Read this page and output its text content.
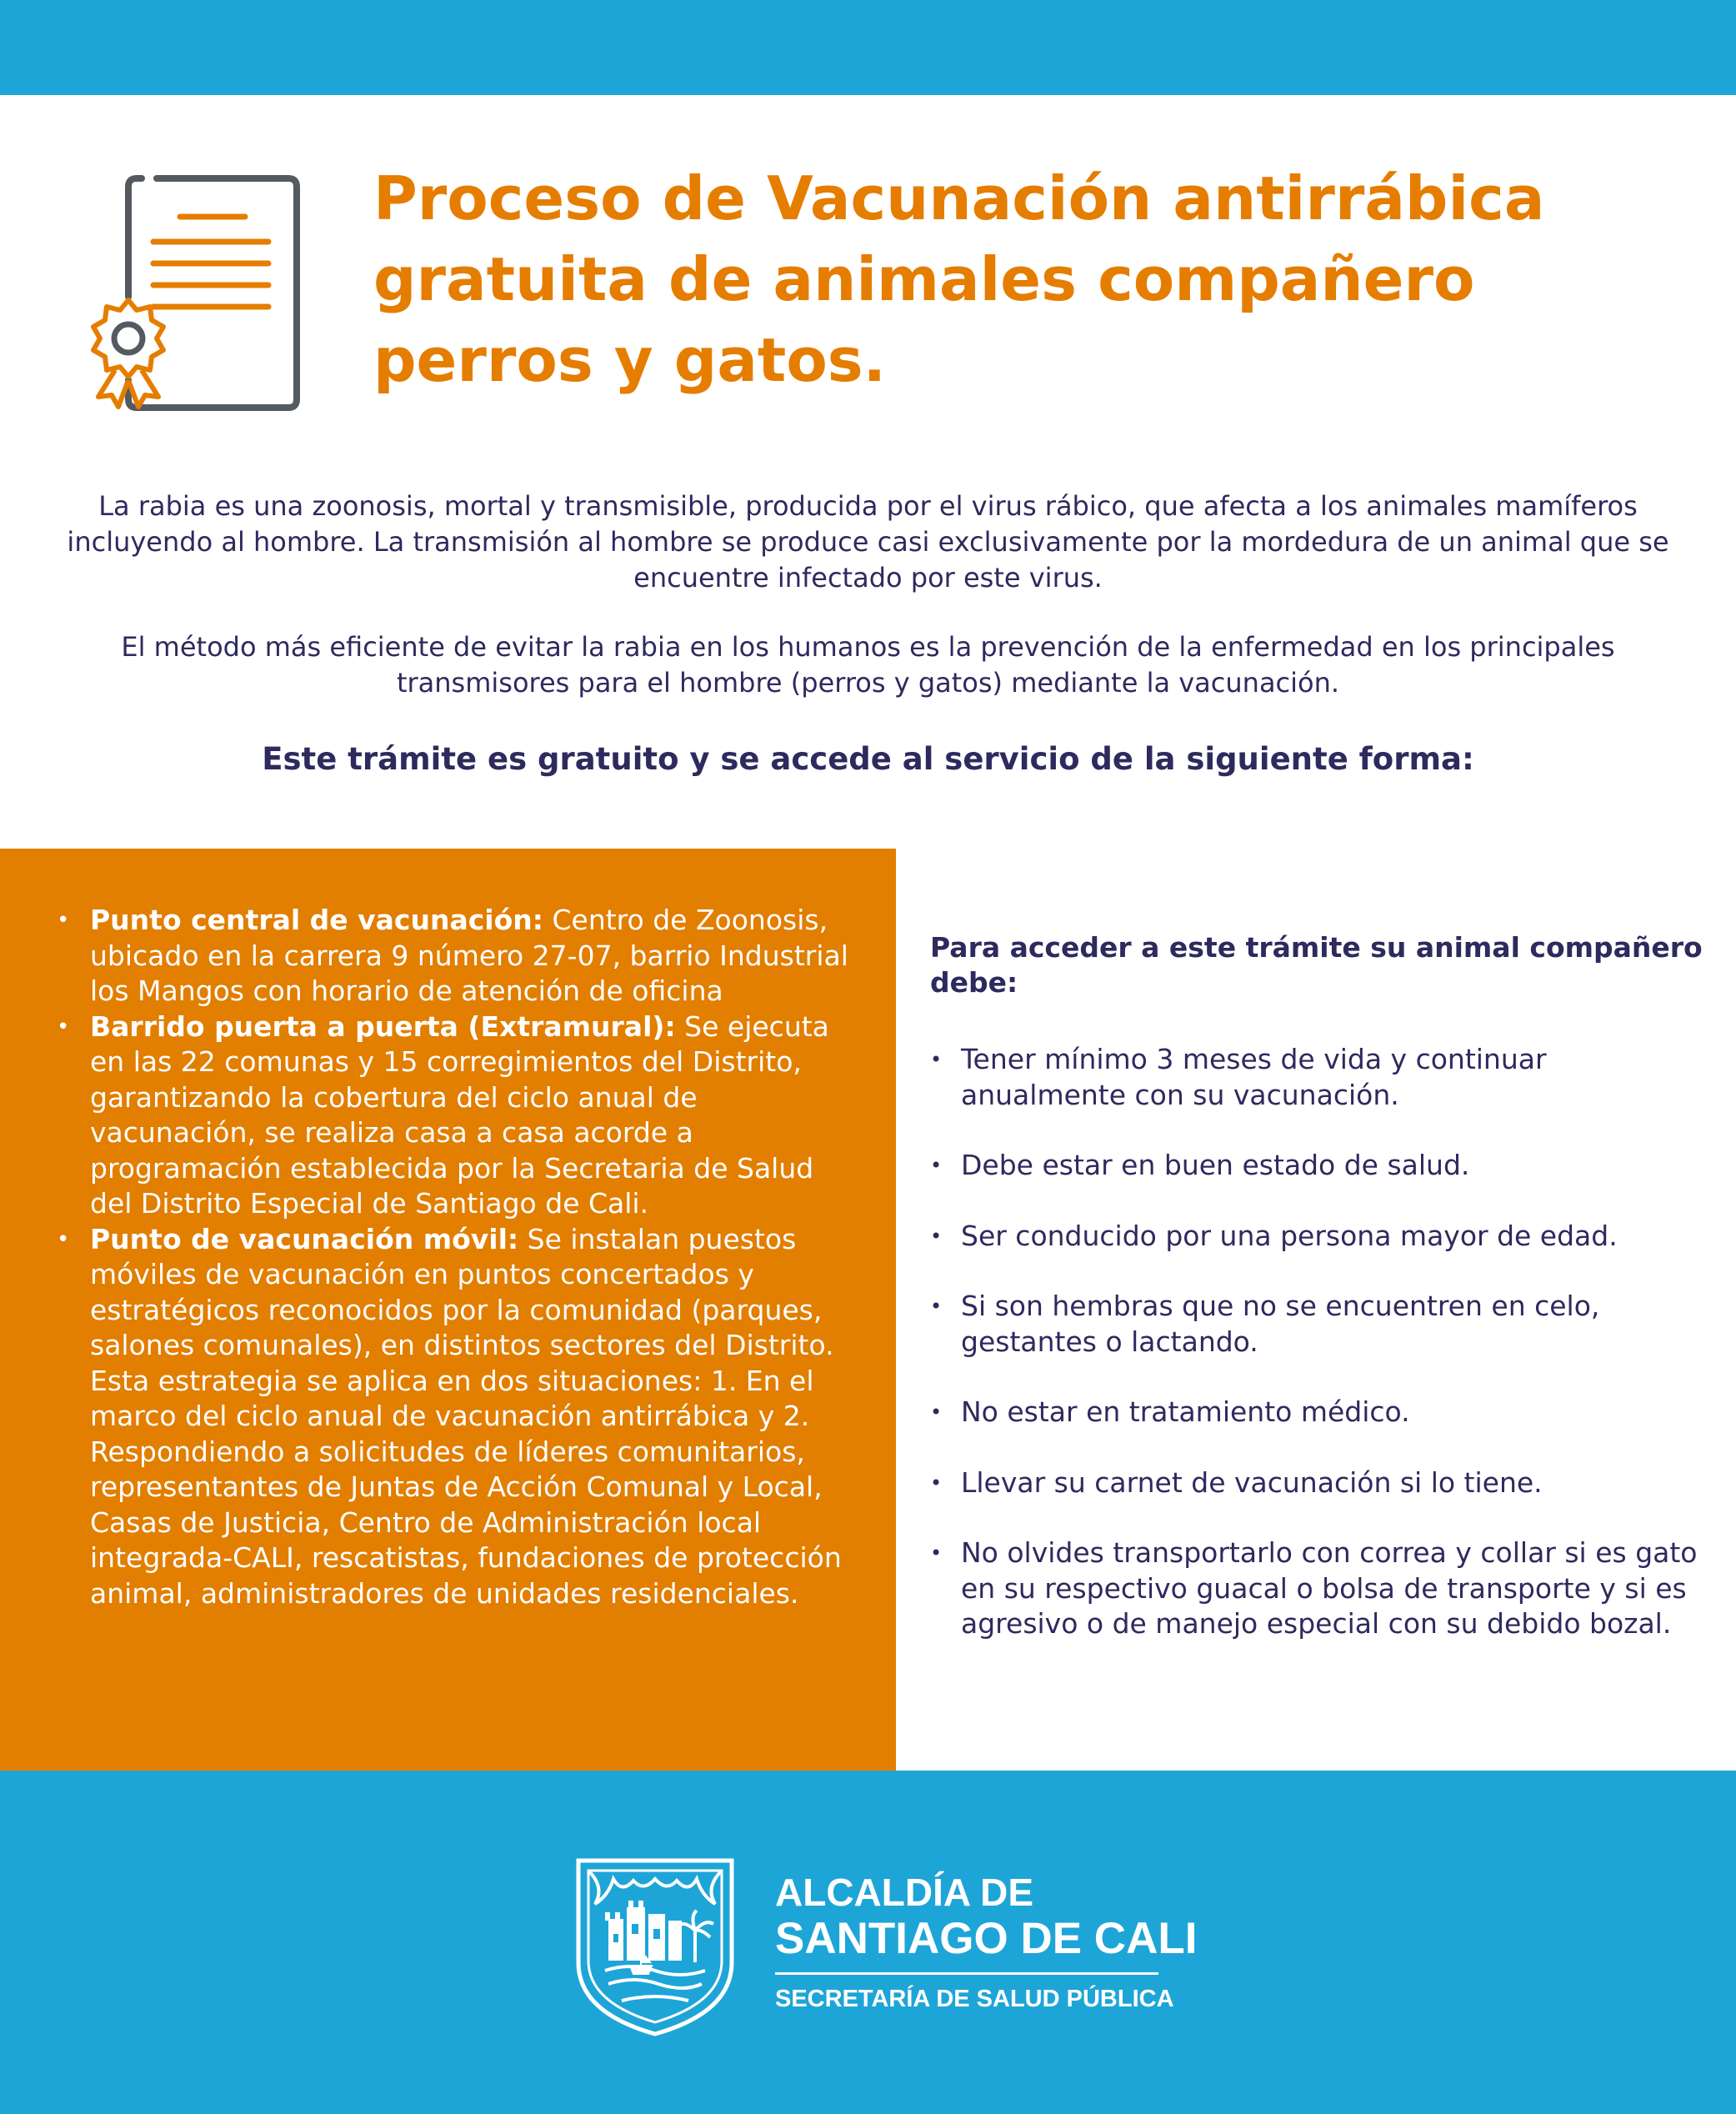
Proceso de Vacunación antirrábica
gratuita de animales compañero
perros y gatos.

La rabia es una zoonosis, mortal y transmisible, producida por el virus rábico, que afecta a los animales mamíferos incluyendo al hombre. La transmisión al hombre se produce casi exclusivamente por la mordedura de un animal que se encuentre infectado por este virus.

El método más eficiente de evitar la rabia en los humanos es la prevención de la enfermedad en los principales transmisores para el hombre (perros y gatos) mediante la vacunación.

Este trámite es gratuito y se accede al servicio de la siguiente forma:
• Punto central de vacunación: Centro de Zoonosis, ubicado en la carrera 9 número 27-07, barrio Industrial los Mangos con horario de atención de oficina
• Barrido puerta a puerta (Extramural): Se ejecuta en las 22 comunas y 15 corregimientos del Distrito, garantizando la cobertura del ciclo anual de vacunación, se realiza casa a casa acorde a programación establecida por la Secretaria de Salud del Distrito Especial de Santiago de Cali.
• Punto de vacunación móvil: Se instalan puestos móviles de vacunación en puntos concertados y estratégicos reconocidos por la comunidad (parques, salones comunales), en distintos sectores del Distrito. Esta estrategia se aplica en dos situaciones: 1. En el marco del ciclo anual de vacunación antirrábica y 2. Respondiendo a solicitudes de líderes comunitarios, representantes de Juntas de Acción Comunal y Local, Casas de Justicia, Centro de Administración local integrada-CALI, rescatistas, fundaciones de protección animal, administradores de unidades residenciales.
Para acceder a este trámite su animal compañero debe:
• Tener mínimo 3 meses de vida y continuar anualmente con su vacunación.
• Debe estar en buen estado de salud.
• Ser conducido por una persona mayor de edad.
• Si son hembras que no se encuentren en celo, gestantes o lactando.
• No estar en tratamiento médico.
• Llevar su carnet de vacunación si lo tiene.
• No olvides transportarlo con correa y collar si es gato en su respectivo guacal o bolsa de transporte y si es agresivo o de manejo especial con su debido bozal.
ALCALDÍA DE
SANTIAGO DE CALI
SECRETARÍA DE SALUD PÚBLICA
